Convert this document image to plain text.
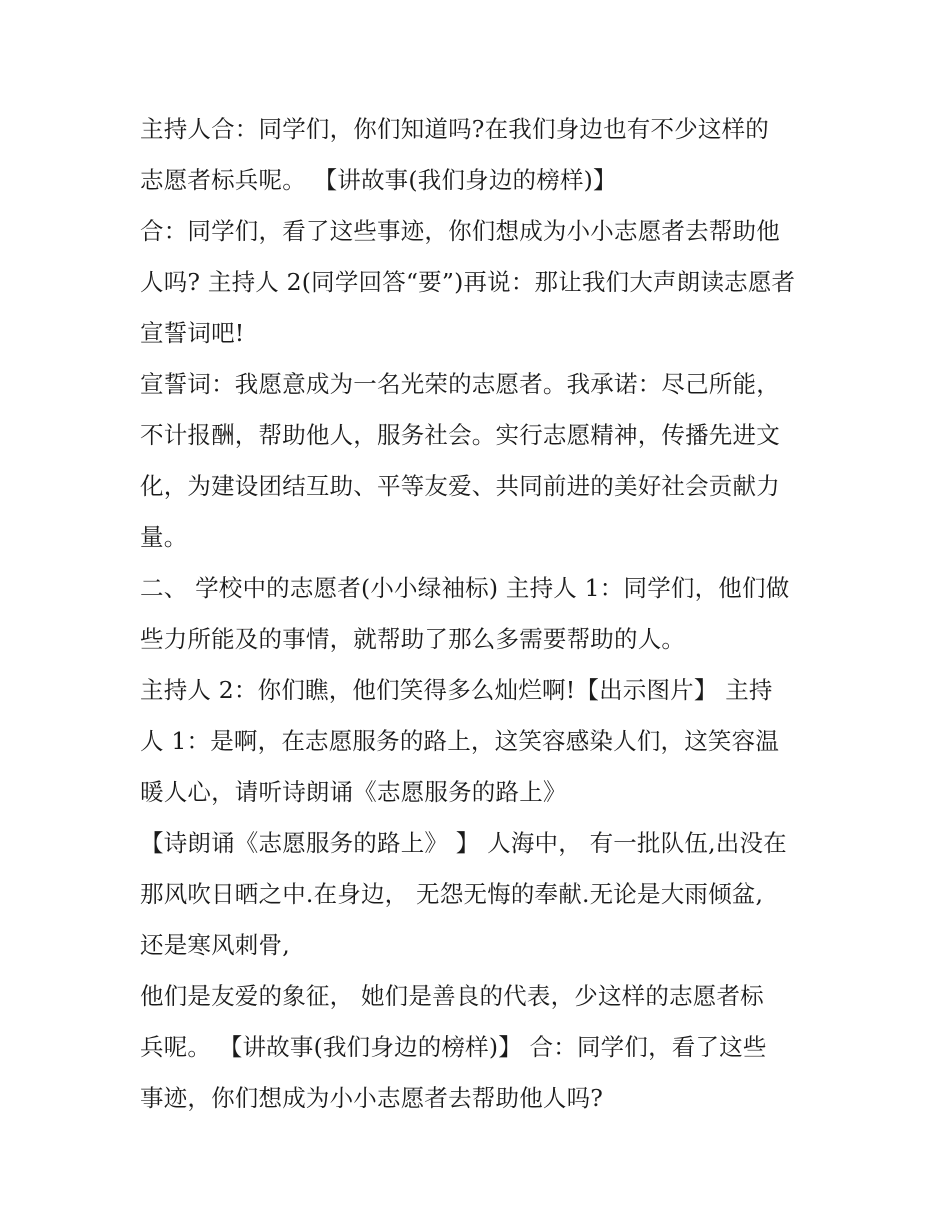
主持人合：同学们，你们知道吗?在我们身边也有不少这样的
志愿者标兵呢。 【讲故事(我们身边的榜样)】
合：同学们，看了这些事迹，你们想成为小小志愿者去帮助他
人吗? 主持人 2(同学回答“要”)再说：那让我们大声朗读志愿者
宣誓词吧!
宣誓词：我愿意成为一名光荣的志愿者。我承诺：尽己所能，
不计报酬，帮助他人，服务社会。实行志愿精神，传播先进文
化，为建设团结互助、平等友爱、共同前进的美好社会贡献力
量。
二、 学校中的志愿者(小小绿袖标) 主持人 1：同学们，他们做
些力所能及的事情，就帮助了那么多需要帮助的人。
主持人 2：你们瞧，他们笑得多么灿烂啊!【出示图片】 主持
人 1：是啊，在志愿服务的路上，这笑容感染人们，这笑容温
暖人心，请听诗朗诵《志愿服务的路上》
【诗朗诵《志愿服务的路上》 】 人海中， 有一批队伍,出没在
那风吹日晒之中.在身边， 无怨无悔的奉献.无论是大雨倾盆,
还是寒风刺骨,
他们是友爱的象征， 她们是善良的代表，少这样的志愿者标
兵呢。 【讲故事(我们身边的榜样)】 合：同学们，看了这些
事迹，你们想成为小小志愿者去帮助他人吗?
